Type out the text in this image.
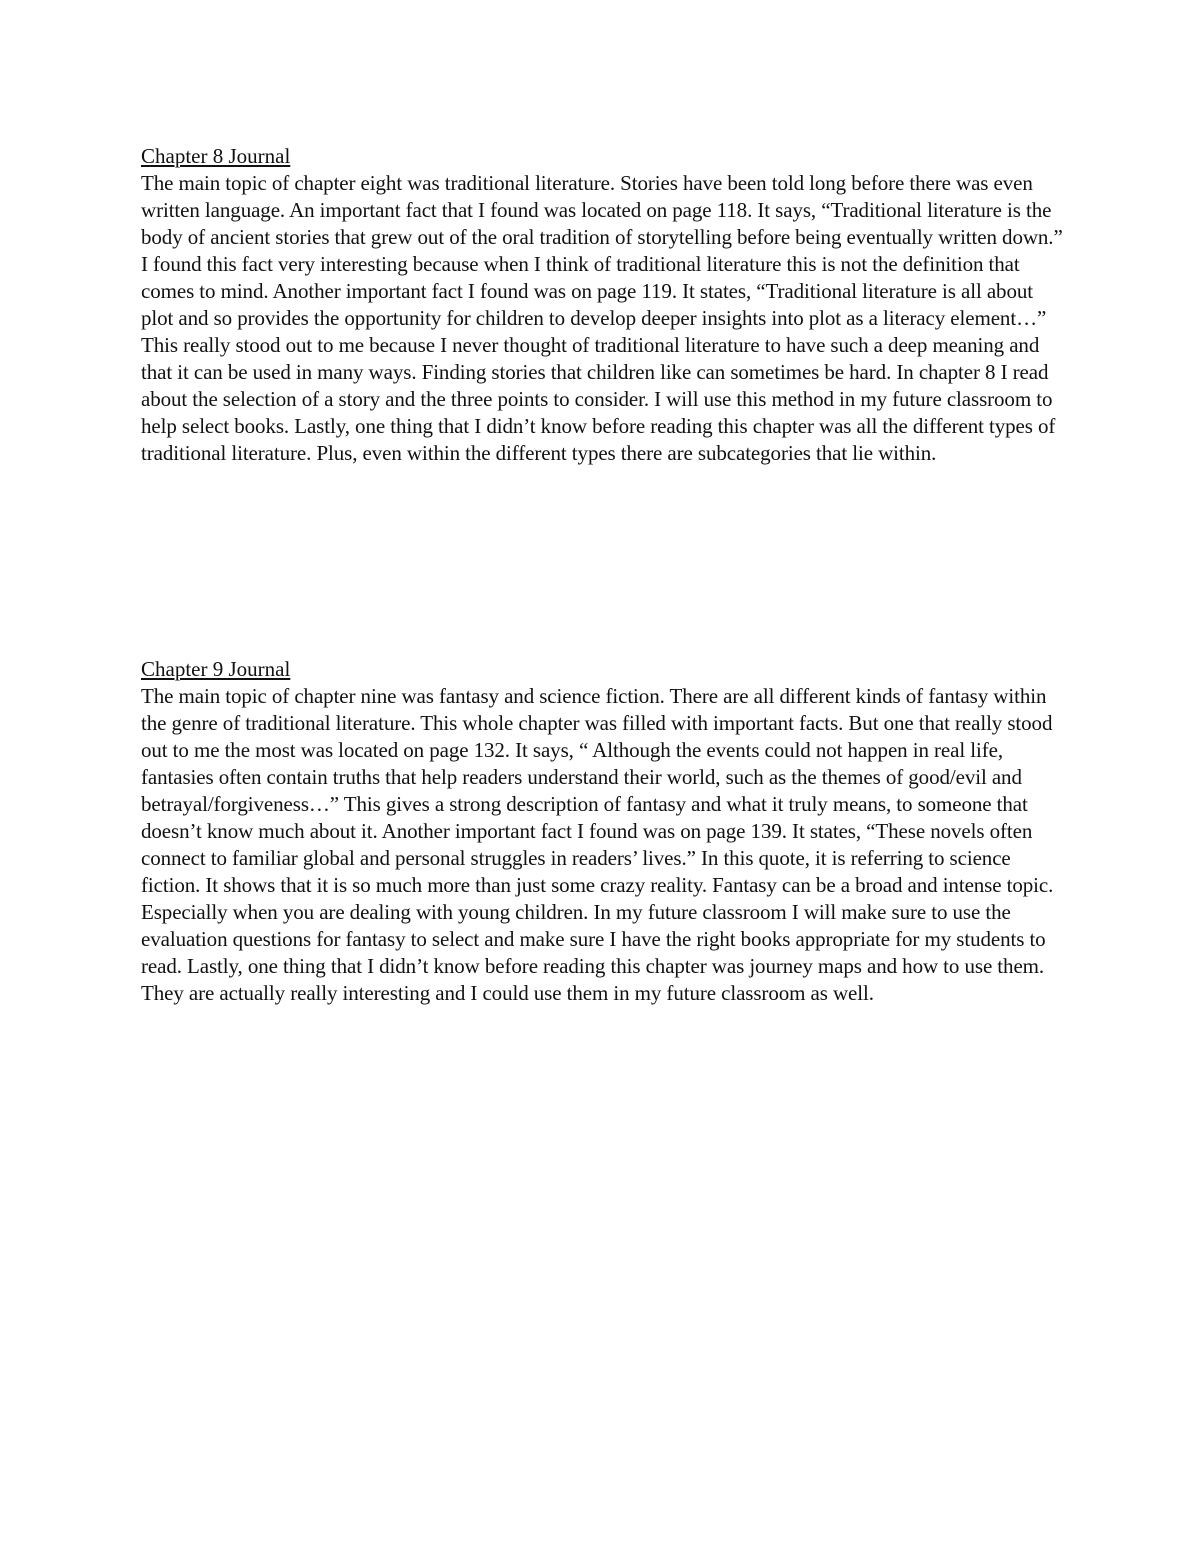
Chapter 8 Journal

The main topic of chapter eight was traditional literature. Stories have been told long before there was even written language. An important fact that I found was located on page 118. It says, “Traditional literature is the body of ancient stories that grew out of the oral tradition of storytelling before being eventually written down.” I found this fact very interesting because when I think of traditional literature this is not the definition that comes to mind. Another important fact I found was on page 119. It states, “Traditional literature is all about plot and so provides the opportunity for children to develop deeper insights into plot as a literacy element…” This really stood out to me because I never thought of traditional literature to have such a deep meaning and that it can be used in many ways. Finding stories that children like can sometimes be hard. In chapter 8 I read about the selection of a story and the three points to consider. I will use this method in my future classroom to help select books. Lastly, one thing that I didn’t know before reading this chapter was all the different types of traditional literature. Plus, even within the different types there are subcategories that lie within.

Chapter 9 Journal

The main topic of chapter nine was fantasy and science fiction. There are all different kinds of fantasy within the genre of traditional literature. This whole chapter was filled with important facts. But one that really stood out to me the most was located on page 132. It says, “ Although the events could not happen in real life, fantasies often contain truths that help readers understand their world, such as the themes of good/evil and betrayal/forgiveness…” This gives a strong description of fantasy and what it truly means, to someone that doesn’t know much about it. Another important fact I found was on page 139. It states, “These novels often connect to familiar global and personal struggles in readers’ lives.” In this quote, it is referring to science fiction. It shows that it is so much more than just some crazy reality. Fantasy can be a broad and intense topic. Especially when you are dealing with young children. In my future classroom I will make sure to use the evaluation questions for fantasy to select and make sure I have the right books appropriate for my students to read. Lastly, one thing that I didn’t know before reading this chapter was journey maps and how to use them. They are actually really interesting and I could use them in my future classroom as well.
